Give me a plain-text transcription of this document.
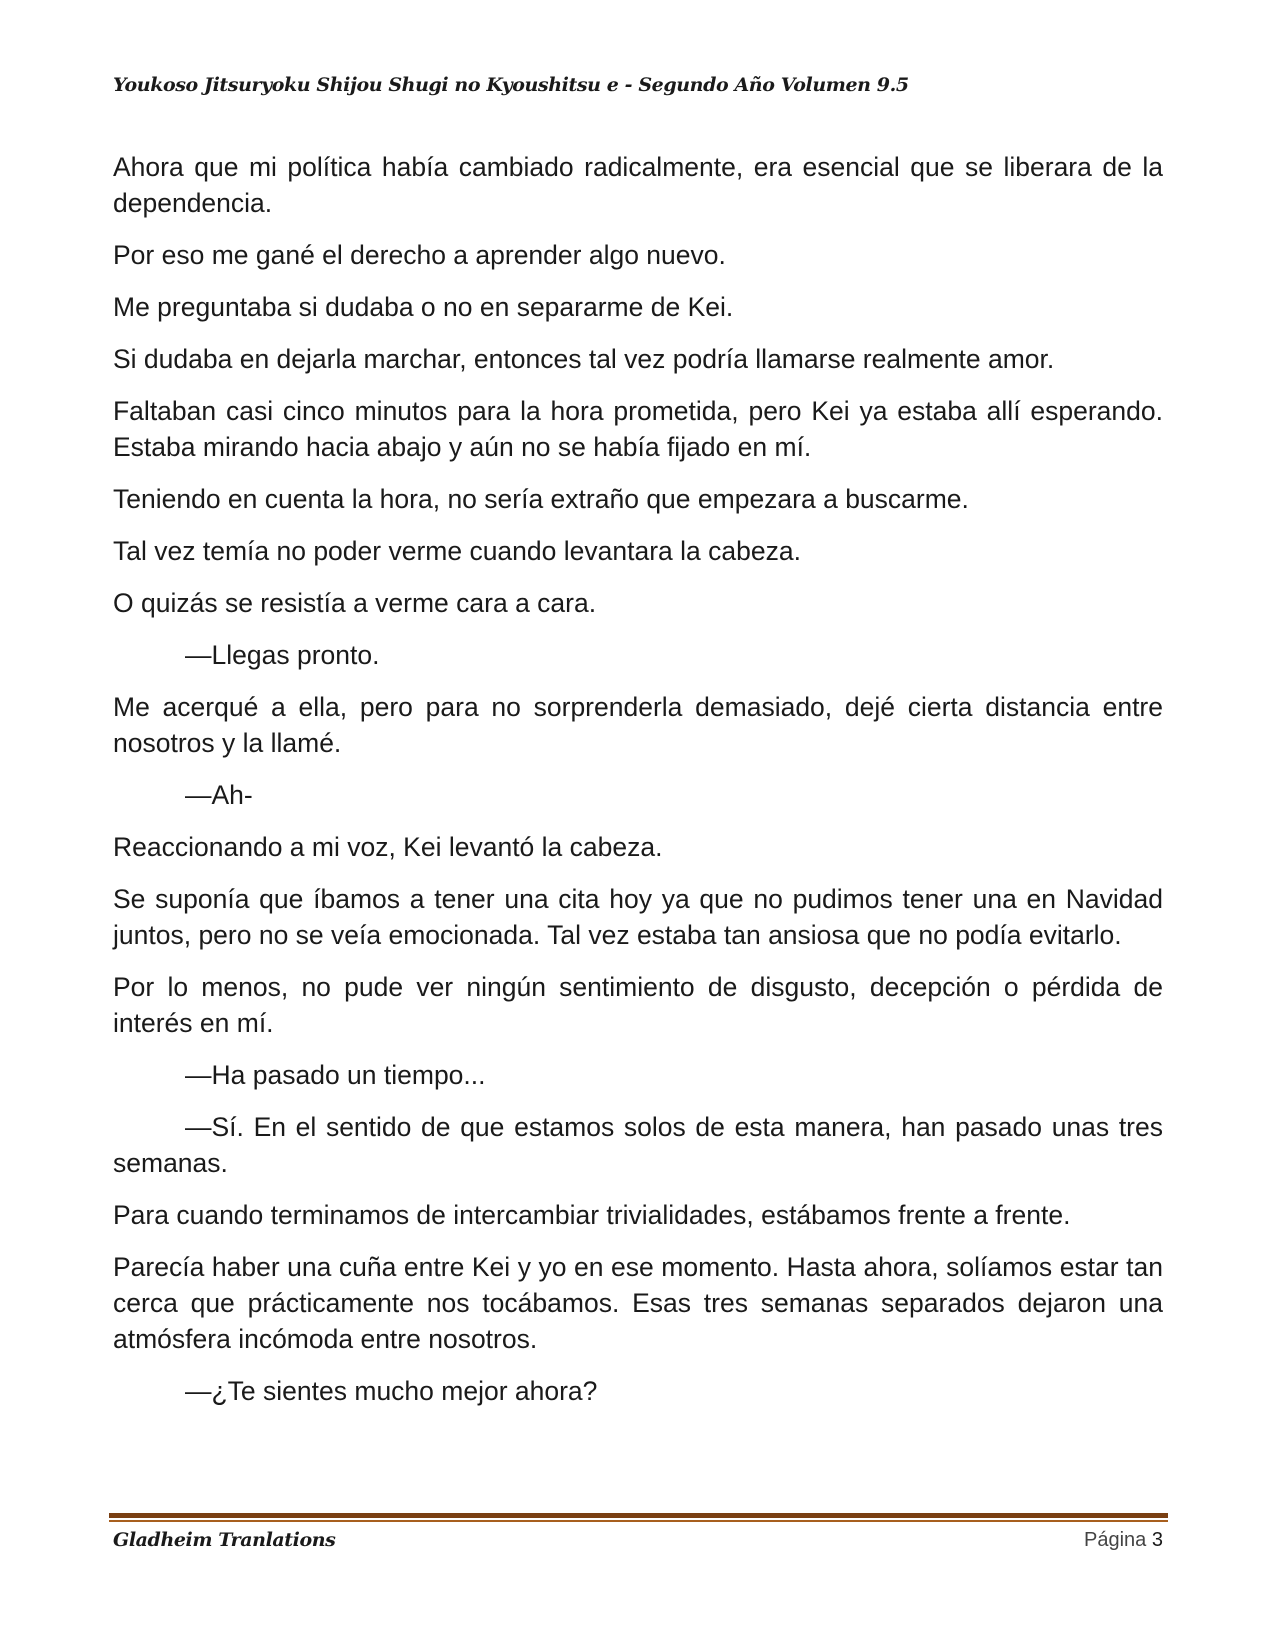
Youkoso Jitsuryoku Shijou Shugi no Kyoushitsu e - Segundo Año Volumen 9.5

Ahora que mi política había cambiado radicalmente, era esencial que se liberara de la dependencia.

Por eso me gané el derecho a aprender algo nuevo.

Me preguntaba si dudaba o no en separarme de Kei.

Si dudaba en dejarla marchar, entonces tal vez podría llamarse realmente amor.

Faltaban casi cinco minutos para la hora prometida, pero Kei ya estaba allí esperando. Estaba mirando hacia abajo y aún no se había fijado en mí.

Teniendo en cuenta la hora, no sería extraño que empezara a buscarme.

Tal vez temía no poder verme cuando levantara la cabeza.

O quizás se resistía a verme cara a cara.

—Llegas pronto.

Me acerqué a ella, pero para no sorprenderla demasiado, dejé cierta distancia entre nosotros y la llamé.

—Ah-

Reaccionando a mi voz, Kei levantó la cabeza.

Se suponía que íbamos a tener una cita hoy ya que no pudimos tener una en Navidad juntos, pero no se veía emocionada. Tal vez estaba tan ansiosa que no podía evitarlo.

Por lo menos, no pude ver ningún sentimiento de disgusto, decepción o pérdida de interés en mí.

—Ha pasado un tiempo...

—Sí. En el sentido de que estamos solos de esta manera, han pasado unas tres semanas.

Para cuando terminamos de intercambiar trivialidades, estábamos frente a frente.

Parecía haber una cuña entre Kei y yo en ese momento. Hasta ahora, solíamos estar tan cerca que prácticamente nos tocábamos. Esas tres semanas separados dejaron una atmósfera incómoda entre nosotros.

—¿Te sientes mucho mejor ahora?

Gladheim Tranlations	Página 3
